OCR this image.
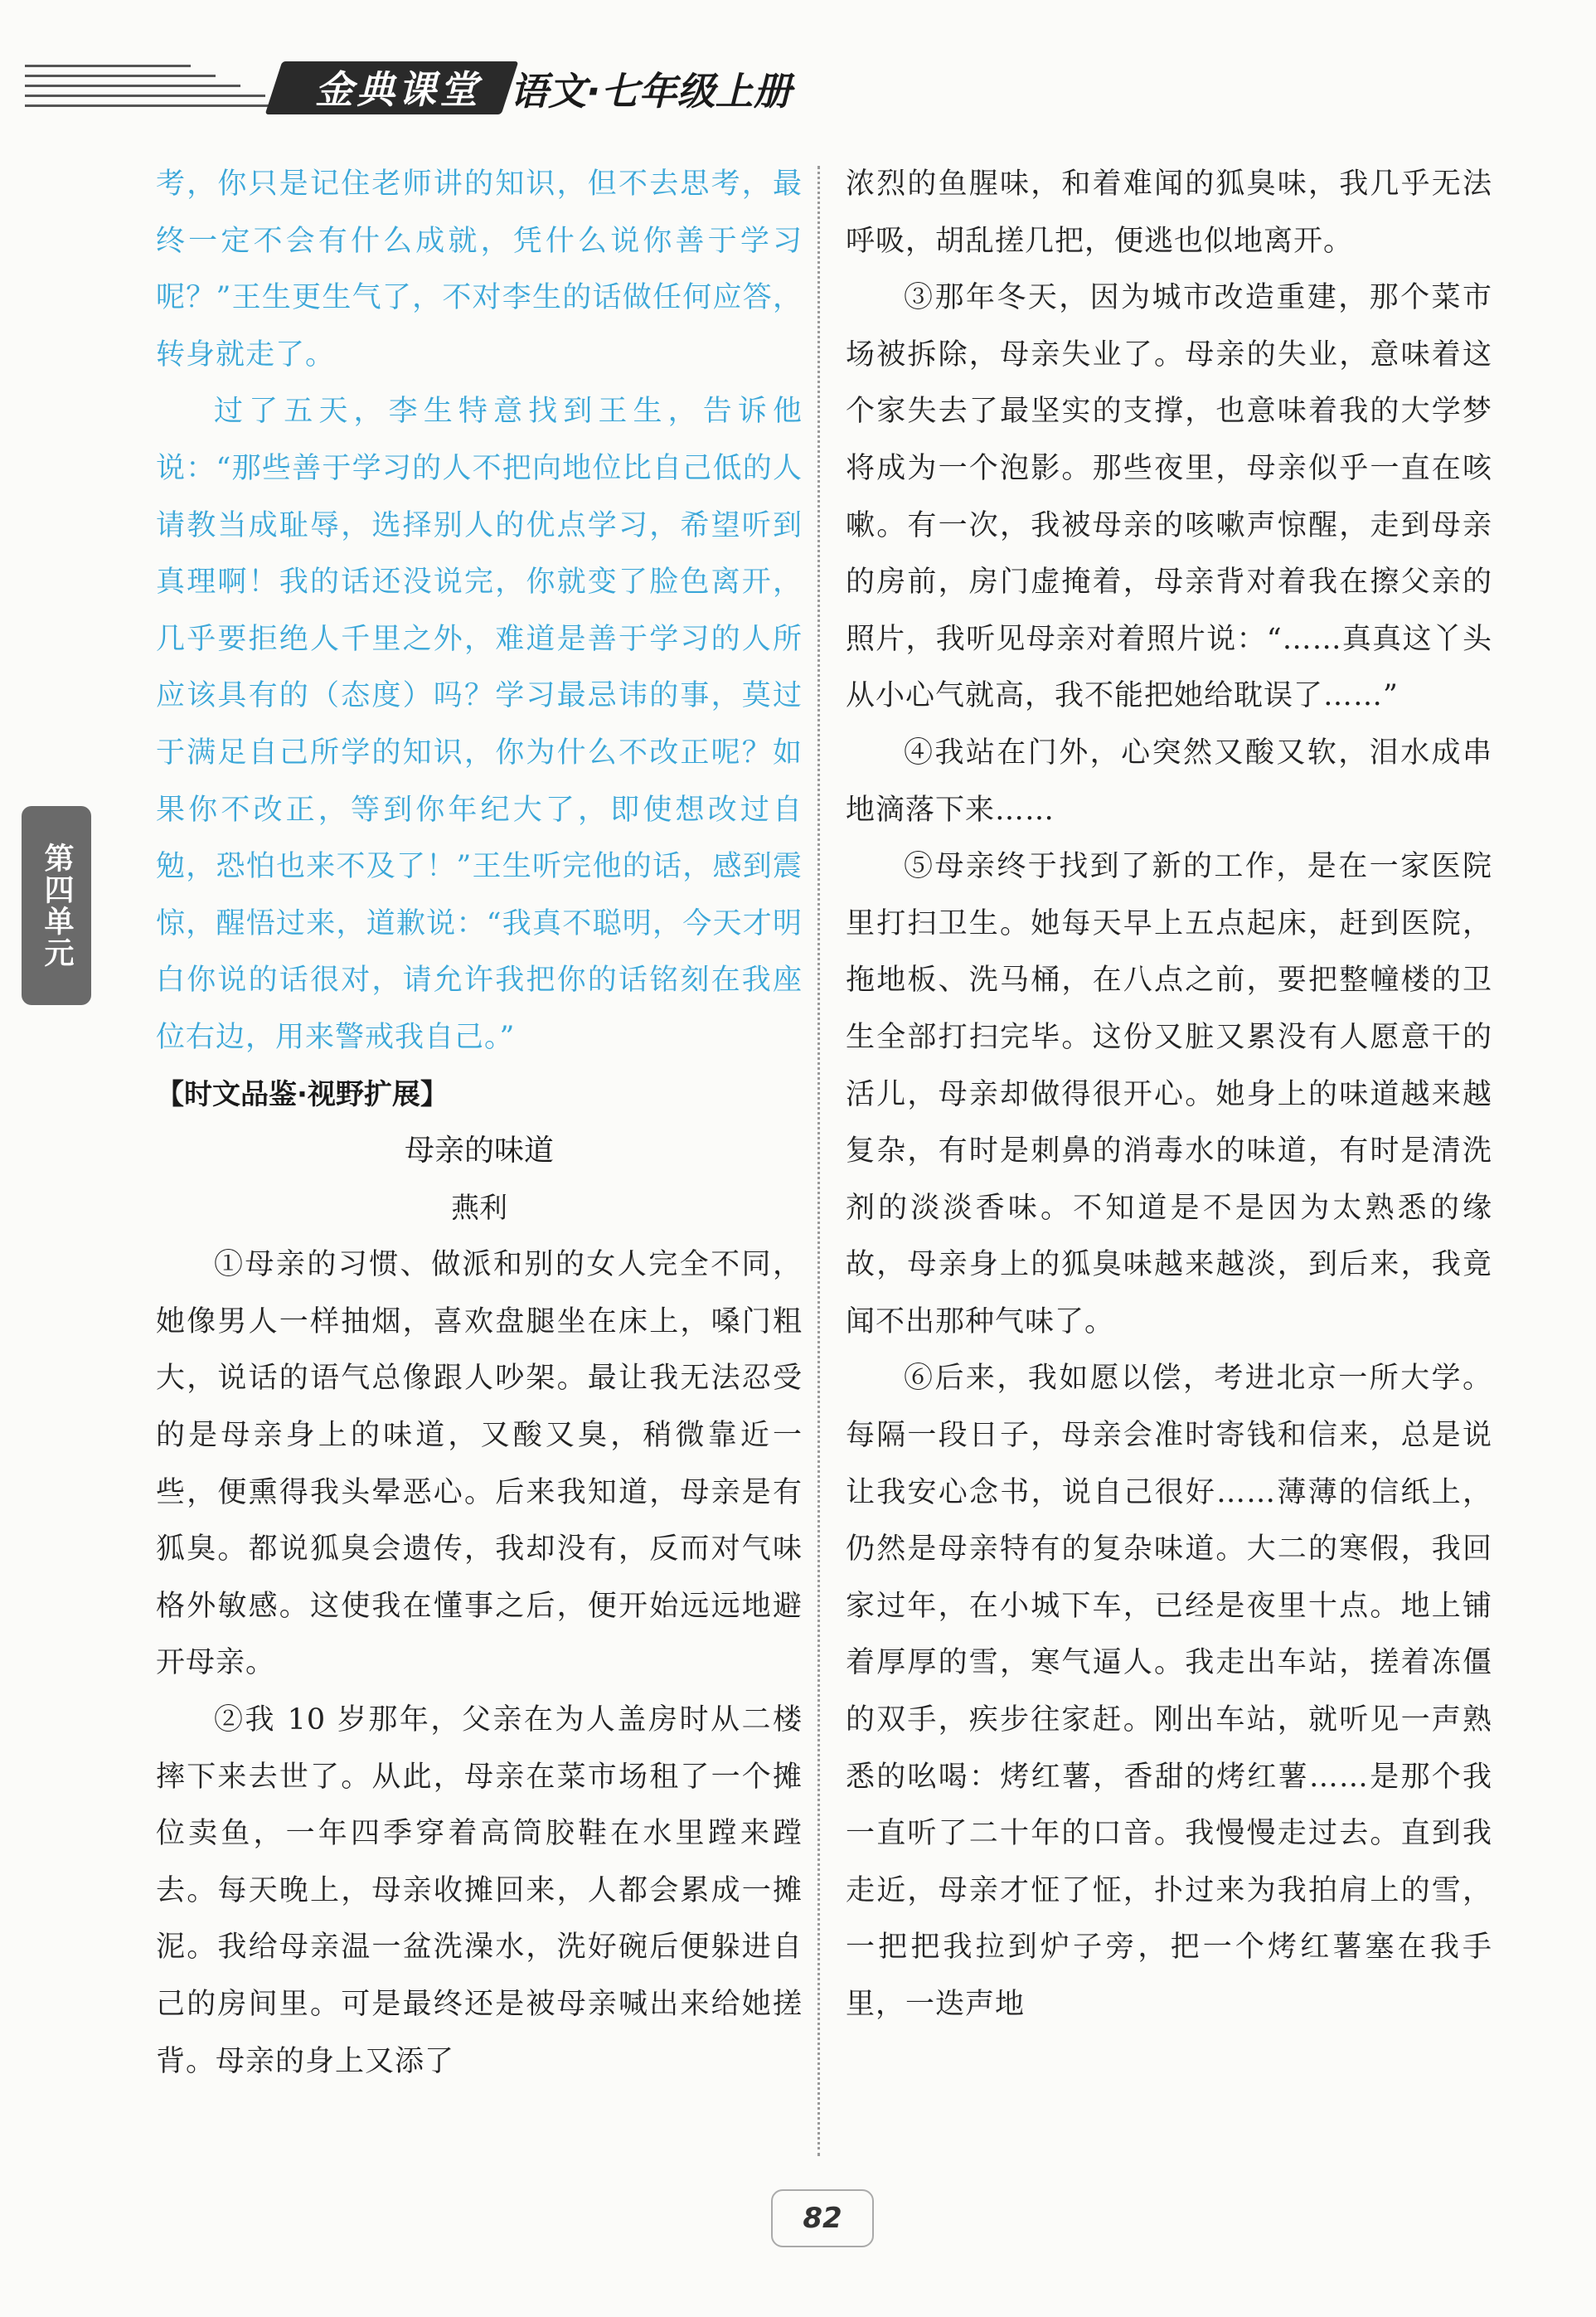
金典课堂 语文·七年级上册
第四单元

考，你只是记住老师讲的知识，但不去思考，最终一定不会有什么成就，凭什么说你善于学习呢？”王生更生气了，不对李生的话做任何应答，转身就走了。

过了五天，李生特意找到王生，告诉他说：“那些善于学习的人不把向地位比自己低的人请教当成耻辱，选择别人的优点学习，希望听到真理啊！我的话还没说完，你就变了脸色离开，几乎要拒绝人千里之外，难道是善于学习的人所应该具有的（态度）吗？学习最忌讳的事，莫过于满足自己所学的知识，你为什么不改正呢？如果你不改正，等到你年纪大了，即使想改过自勉，恐怕也来不及了！”王生听完他的话，感到震惊，醒悟过来，道歉说：“我真不聪明，今天才明白你说的话很对，请允许我把你的话铭刻在我座位右边，用来警戒我自己。”

【时文品鉴·视野扩展】

母亲的味道

燕利

①母亲的习惯、做派和别的女人完全不同，她像男人一样抽烟，喜欢盘腿坐在床上，嗓门粗大，说话的语气总像跟人吵架。最让我无法忍受的是母亲身上的味道，又酸又臭，稍微靠近一些，便熏得我头晕恶心。后来我知道，母亲是有狐臭。都说狐臭会遗传，我却没有，反而对气味格外敏感。这使我在懂事之后，便开始远远地避开母亲。

②我 10 岁那年，父亲在为人盖房时从二楼摔下来去世了。从此，母亲在菜市场租了一个摊位卖鱼，一年四季穿着高筒胶鞋在水里蹚来蹚去。每天晚上，母亲收摊回来，人都会累成一摊泥。我给母亲温一盆洗澡水，洗好碗后便躲进自己的房间里。可是最终还是被母亲喊出来给她搓背。母亲的身上又添了

浓烈的鱼腥味，和着难闻的狐臭味，我几乎无法呼吸，胡乱搓几把，便逃也似地离开。

③那年冬天，因为城市改造重建，那个菜市场被拆除，母亲失业了。母亲的失业，意味着这个家失去了最坚实的支撑，也意味着我的大学梦将成为一个泡影。那些夜里，母亲似乎一直在咳嗽。有一次，我被母亲的咳嗽声惊醒，走到母亲的房前，房门虚掩着，母亲背对着我在擦父亲的照片，我听见母亲对着照片说：“……真真这丫头从小心气就高，我不能把她给耽误了……”

④我站在门外，心突然又酸又软，泪水成串地滴落下来……

⑤母亲终于找到了新的工作，是在一家医院里打扫卫生。她每天早上五点起床，赶到医院，拖地板、洗马桶，在八点之前，要把整幢楼的卫生全部打扫完毕。这份又脏又累没有人愿意干的活儿，母亲却做得很开心。她身上的味道越来越复杂，有时是刺鼻的消毒水的味道，有时是清洗剂的淡淡香味。不知道是不是因为太熟悉的缘故，母亲身上的狐臭味越来越淡，到后来，我竟闻不出那种气味了。

⑥后来，我如愿以偿，考进北京一所大学。每隔一段日子，母亲会准时寄钱和信来，总是说让我安心念书，说自己很好……薄薄的信纸上，仍然是母亲特有的复杂味道。大二的寒假，我回家过年，在小城下车，已经是夜里十点。地上铺着厚厚的雪，寒气逼人。我走出车站，搓着冻僵的双手，疾步往家赶。刚出车站，就听见一声熟悉的吆喝：烤红薯，香甜的烤红薯……是那个我一直听了二十年的口音。我慢慢走过去。直到我走近，母亲才怔了怔，扑过来为我拍肩上的雪，一把把我拉到炉子旁，把一个烤红薯塞在我手里，一迭声地

82
